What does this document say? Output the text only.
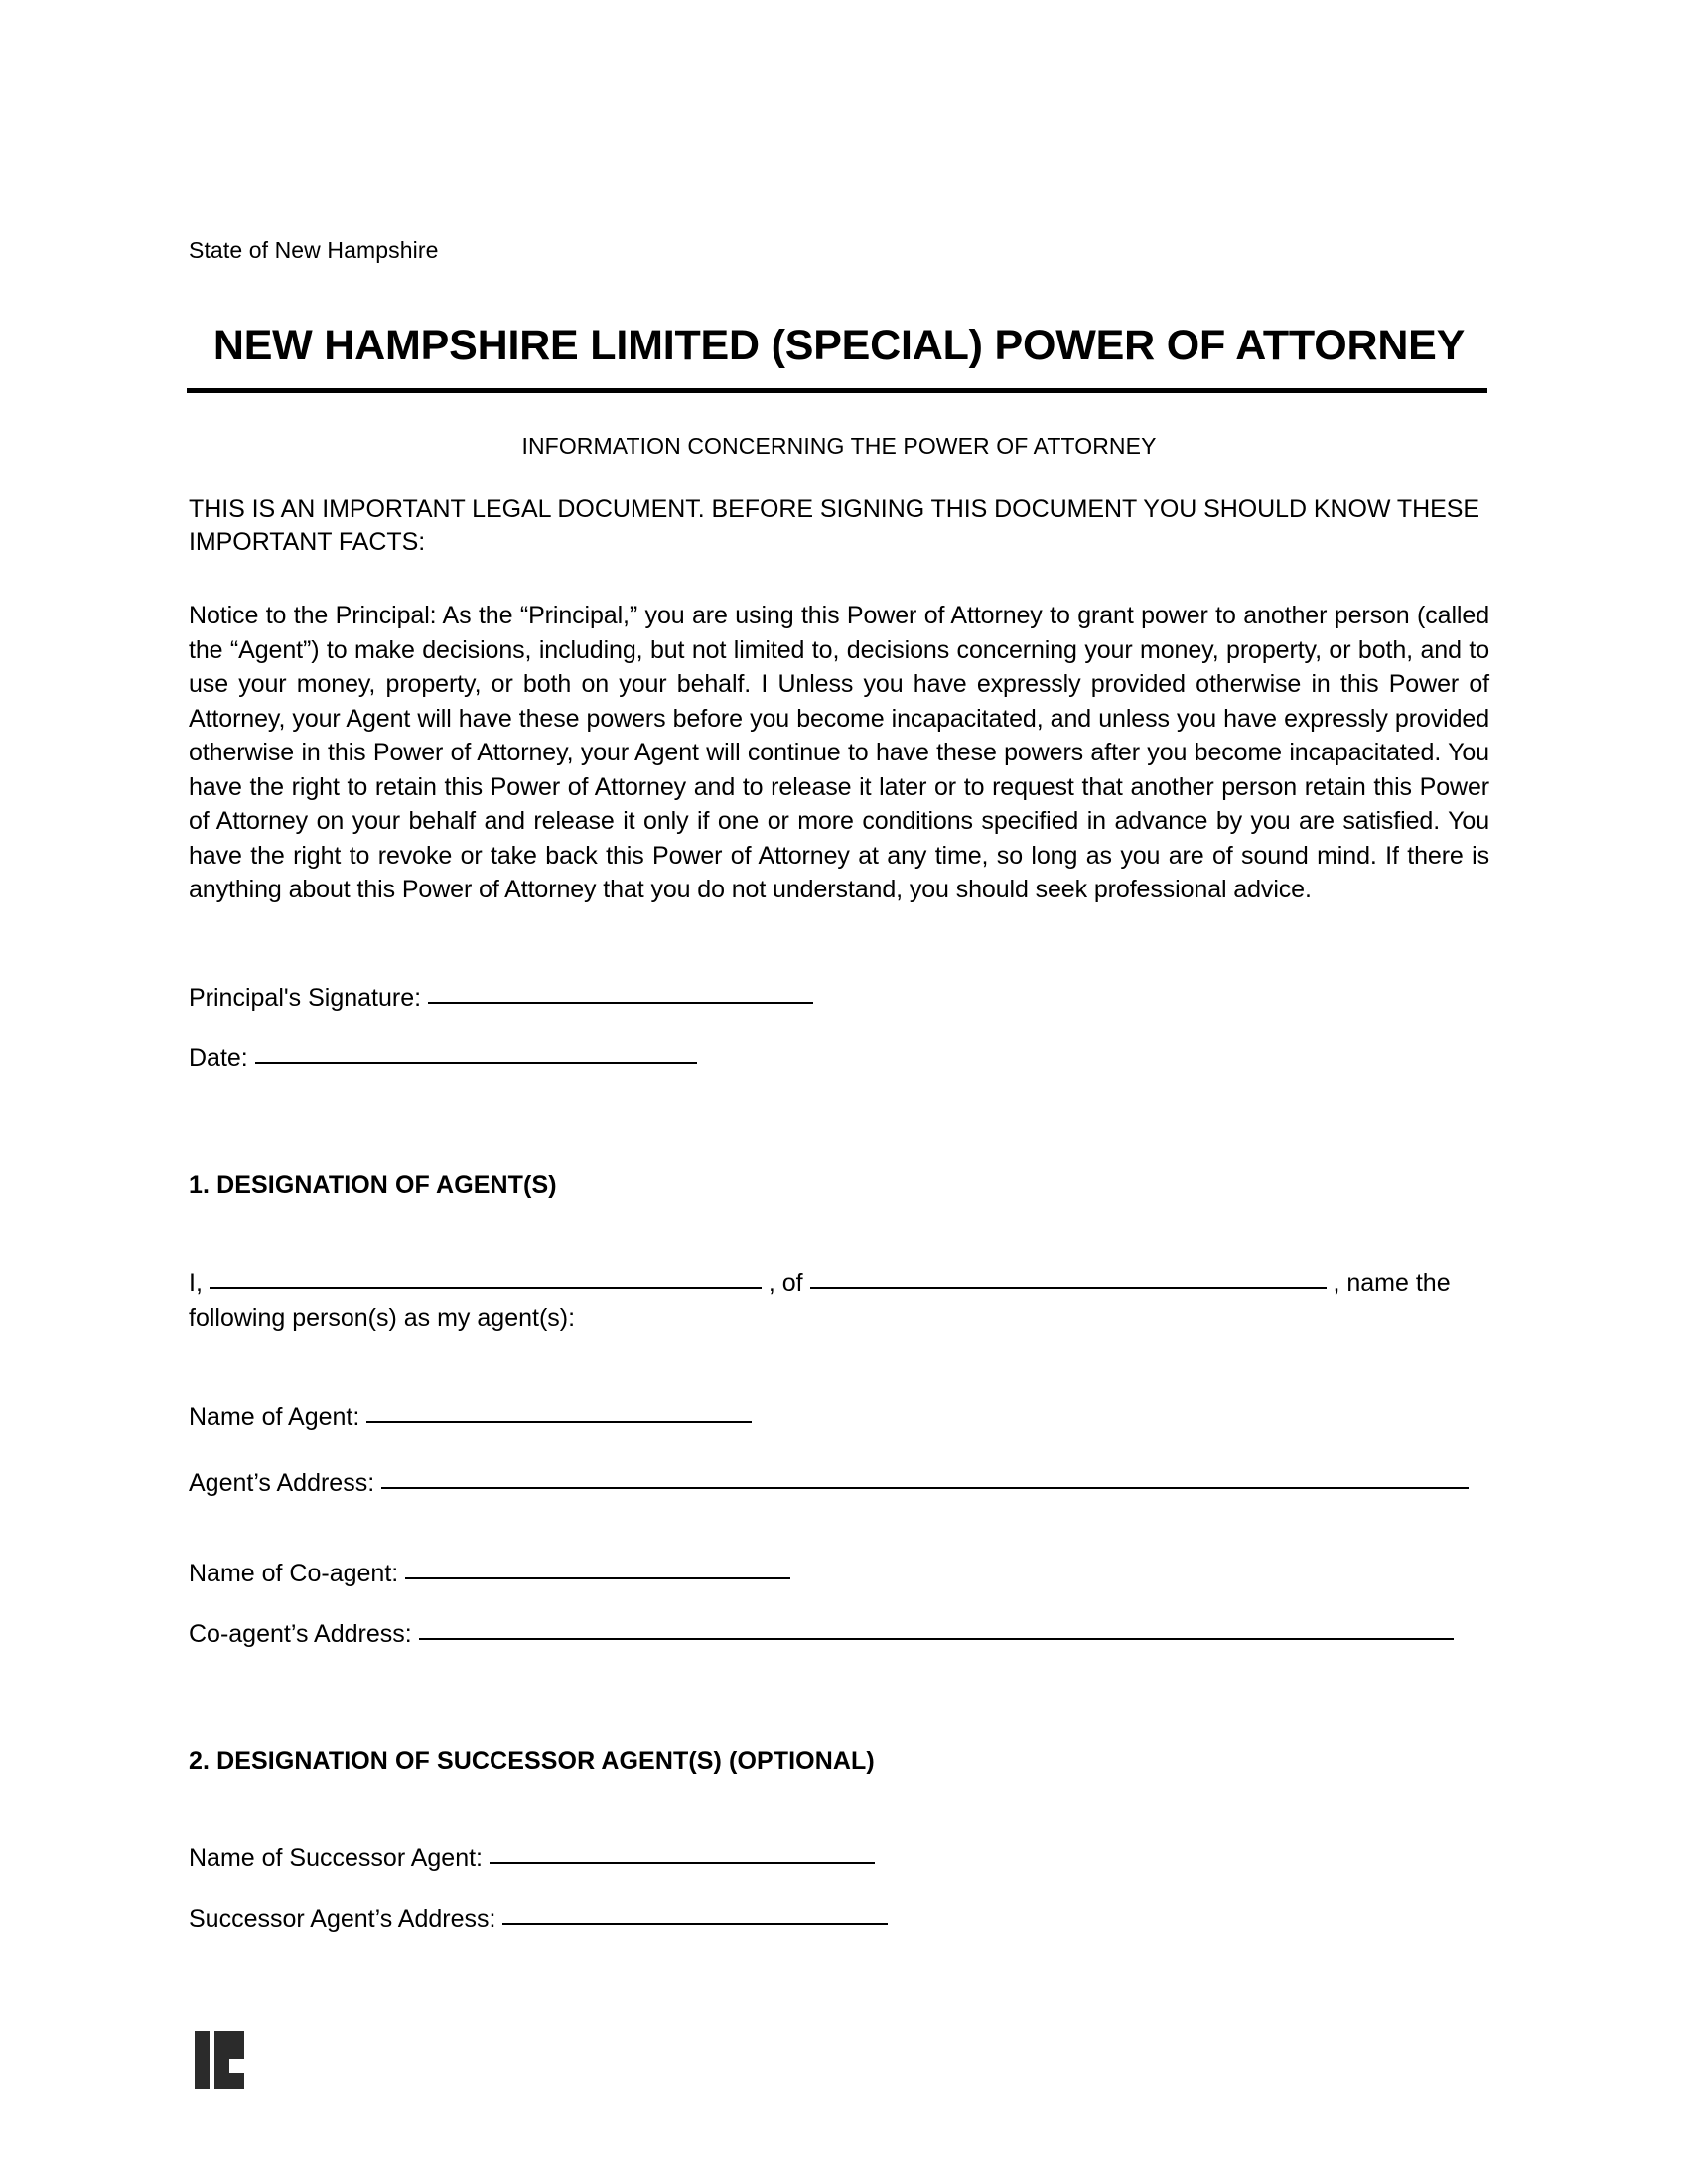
State of New Hampshire
NEW HAMPSHIRE LIMITED (SPECIAL) POWER OF ATTORNEY
INFORMATION CONCERNING THE POWER OF ATTORNEY
THIS IS AN IMPORTANT LEGAL DOCUMENT. BEFORE SIGNING THIS DOCUMENT YOU SHOULD KNOW THESE IMPORTANT FACTS:
Notice to the Principal: As the “Principal,” you are using this Power of Attorney to grant power to another person (called the “Agent”) to make decisions, including, but not limited to, decisions concerning your money, property, or both, and to use your money, property, or both on your behalf. I Unless you have expressly provided otherwise in this Power of Attorney, your Agent will have these powers before you become incapacitated, and unless you have expressly provided otherwise in this Power of Attorney, your Agent will continue to have these powers after you become incapacitated. You have the right to retain this Power of Attorney and to release it later or to request that another person retain this Power of Attorney on your behalf and release it only if one or more conditions specified in advance by you are satisfied. You have the right to revoke or take back this Power of Attorney at any time, so long as you are of sound mind. If there is anything about this Power of Attorney that you do not understand, you should seek professional advice.
Principal's Signature:
Date:
1. DESIGNATION OF AGENT(S)
I,	, of	, name the
following person(s) as my agent(s):
Name of Agent:
Agent’s Address:
Name of Co-agent:
Co-agent’s Address:
2. DESIGNATION OF SUCCESSOR AGENT(S) (OPTIONAL)
Name of Successor Agent:
Successor Agent’s Address:
